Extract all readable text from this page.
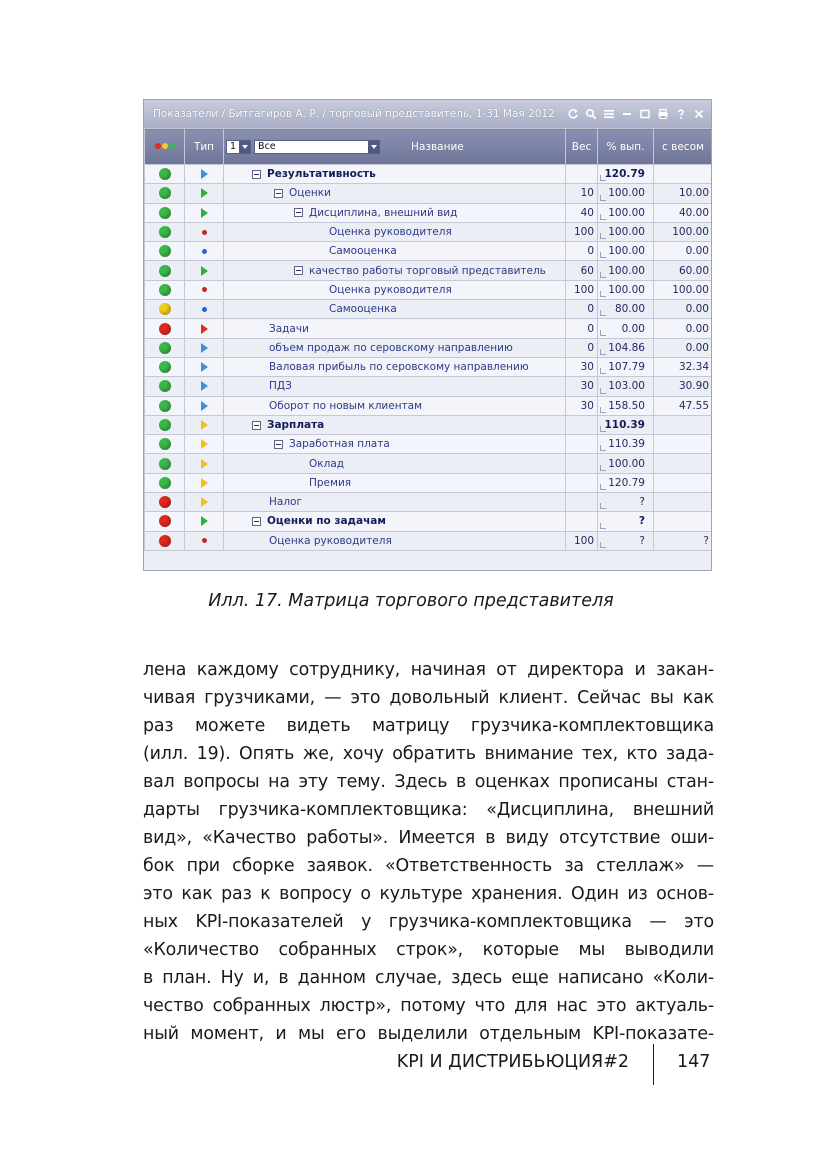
Показатели / Битгагиров А. Р. / торговый представитель, 1-31 Мая 2012
	Тип	1 Все Название	Вес	% вып.	с весом
		Результативность		120.79	
		Оценки	10	100.00	10.00
		Дисциплина, внешний вид	40	100.00	40.00
		Оценка руководителя	100	100.00	100.00
		Самооценка	0	100.00	0.00
		качество работы торговый представитель	60	100.00	60.00
		Оценка руководителя	100	100.00	100.00
		Самооценка	0	80.00	0.00
		Задачи	0	0.00	0.00
		объем продаж по серовскому направлению	0	104.86	0.00
		Валовая прибыль по серовскому направлению	30	107.79	32.34
		ПДЗ	30	103.00	30.90
		Оборот по новым клиентам	30	158.50	47.55
		Зарплата		110.39	
		Заработная плата		110.39	
		Оклад		100.00	
		Премия		120.79	
		Налог		?	
		Оценки по задачам		?	
		Оценка руководителя	100	?	?
Илл. 17. Матрица торгового представителя
лена каждому сотруднику, начиная от директора и закан-
чивая грузчиками, — это довольный клиент. Сейчас вы как
раз можете видеть матрицу грузчика-комплектовщика
(илл. 19). Опять же, хочу обратить внимание тех, кто зада-
вал вопросы на эту тему. Здесь в оценках прописаны стан-
дарты грузчика-комплектовщика: «Дисциплина, внешний
вид», «Качество работы». Имеется в виду отсутствие оши-
бок при сборке заявок. «Ответственность за стеллаж» —
это как раз к вопросу о культуре хранения. Один из основ-
ных KPI-показателей у грузчика-комплектовщика — это
«Количество собранных строк», которые мы выводили
в план. Ну и, в данном случае, здесь еще написано «Коли-
чество собранных люстр», потому что для нас это актуаль-
ный момент, и мы его выделили отдельным KPI-показате-
KPI И ДИСТРИБЬЮЦИЯ#2	147
